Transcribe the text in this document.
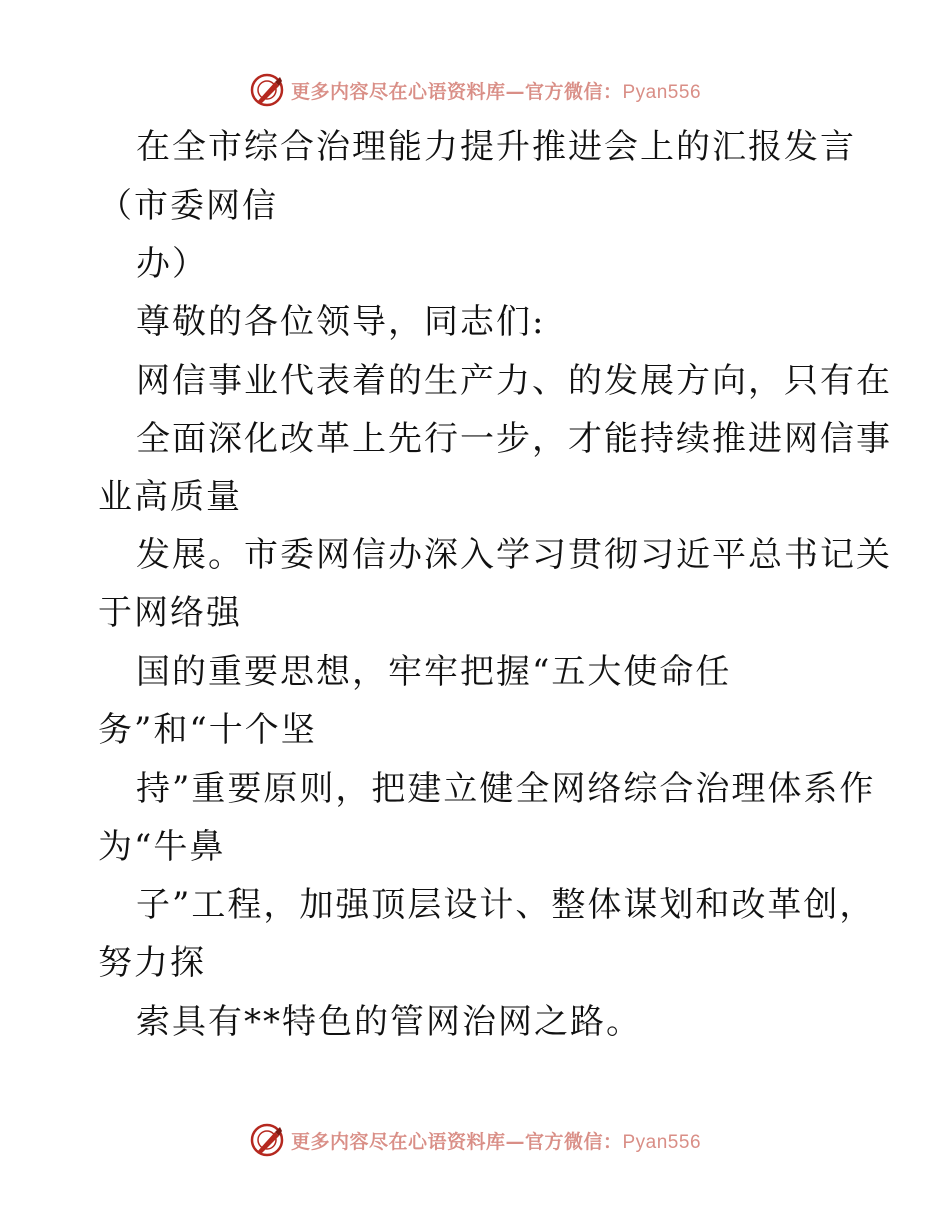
更多内容尽在心语资料库—官方微信：Pyan556
在全市综合治理能力提升推进会上的汇报发言
（市委网信
办）
尊敬的各位领导，同志们:
网信事业代表着的生产力、的发展方向，只有在
全面深化改革上先行一步，才能持续推进网信事
业高质量
发展。市委网信办深入学习贯彻习近平总书记关
于网络强
国的重要思想，牢牢把握“五大使命任
务”和“十个坚
持”重要原则，把建立健全网络综合治理体系作
为“牛鼻
子”工程，加强顶层设计、整体谋划和改革创，
努力探
索具有**特色的管网治网之路。
更多内容尽在心语资料库—官方微信：Pyan556
